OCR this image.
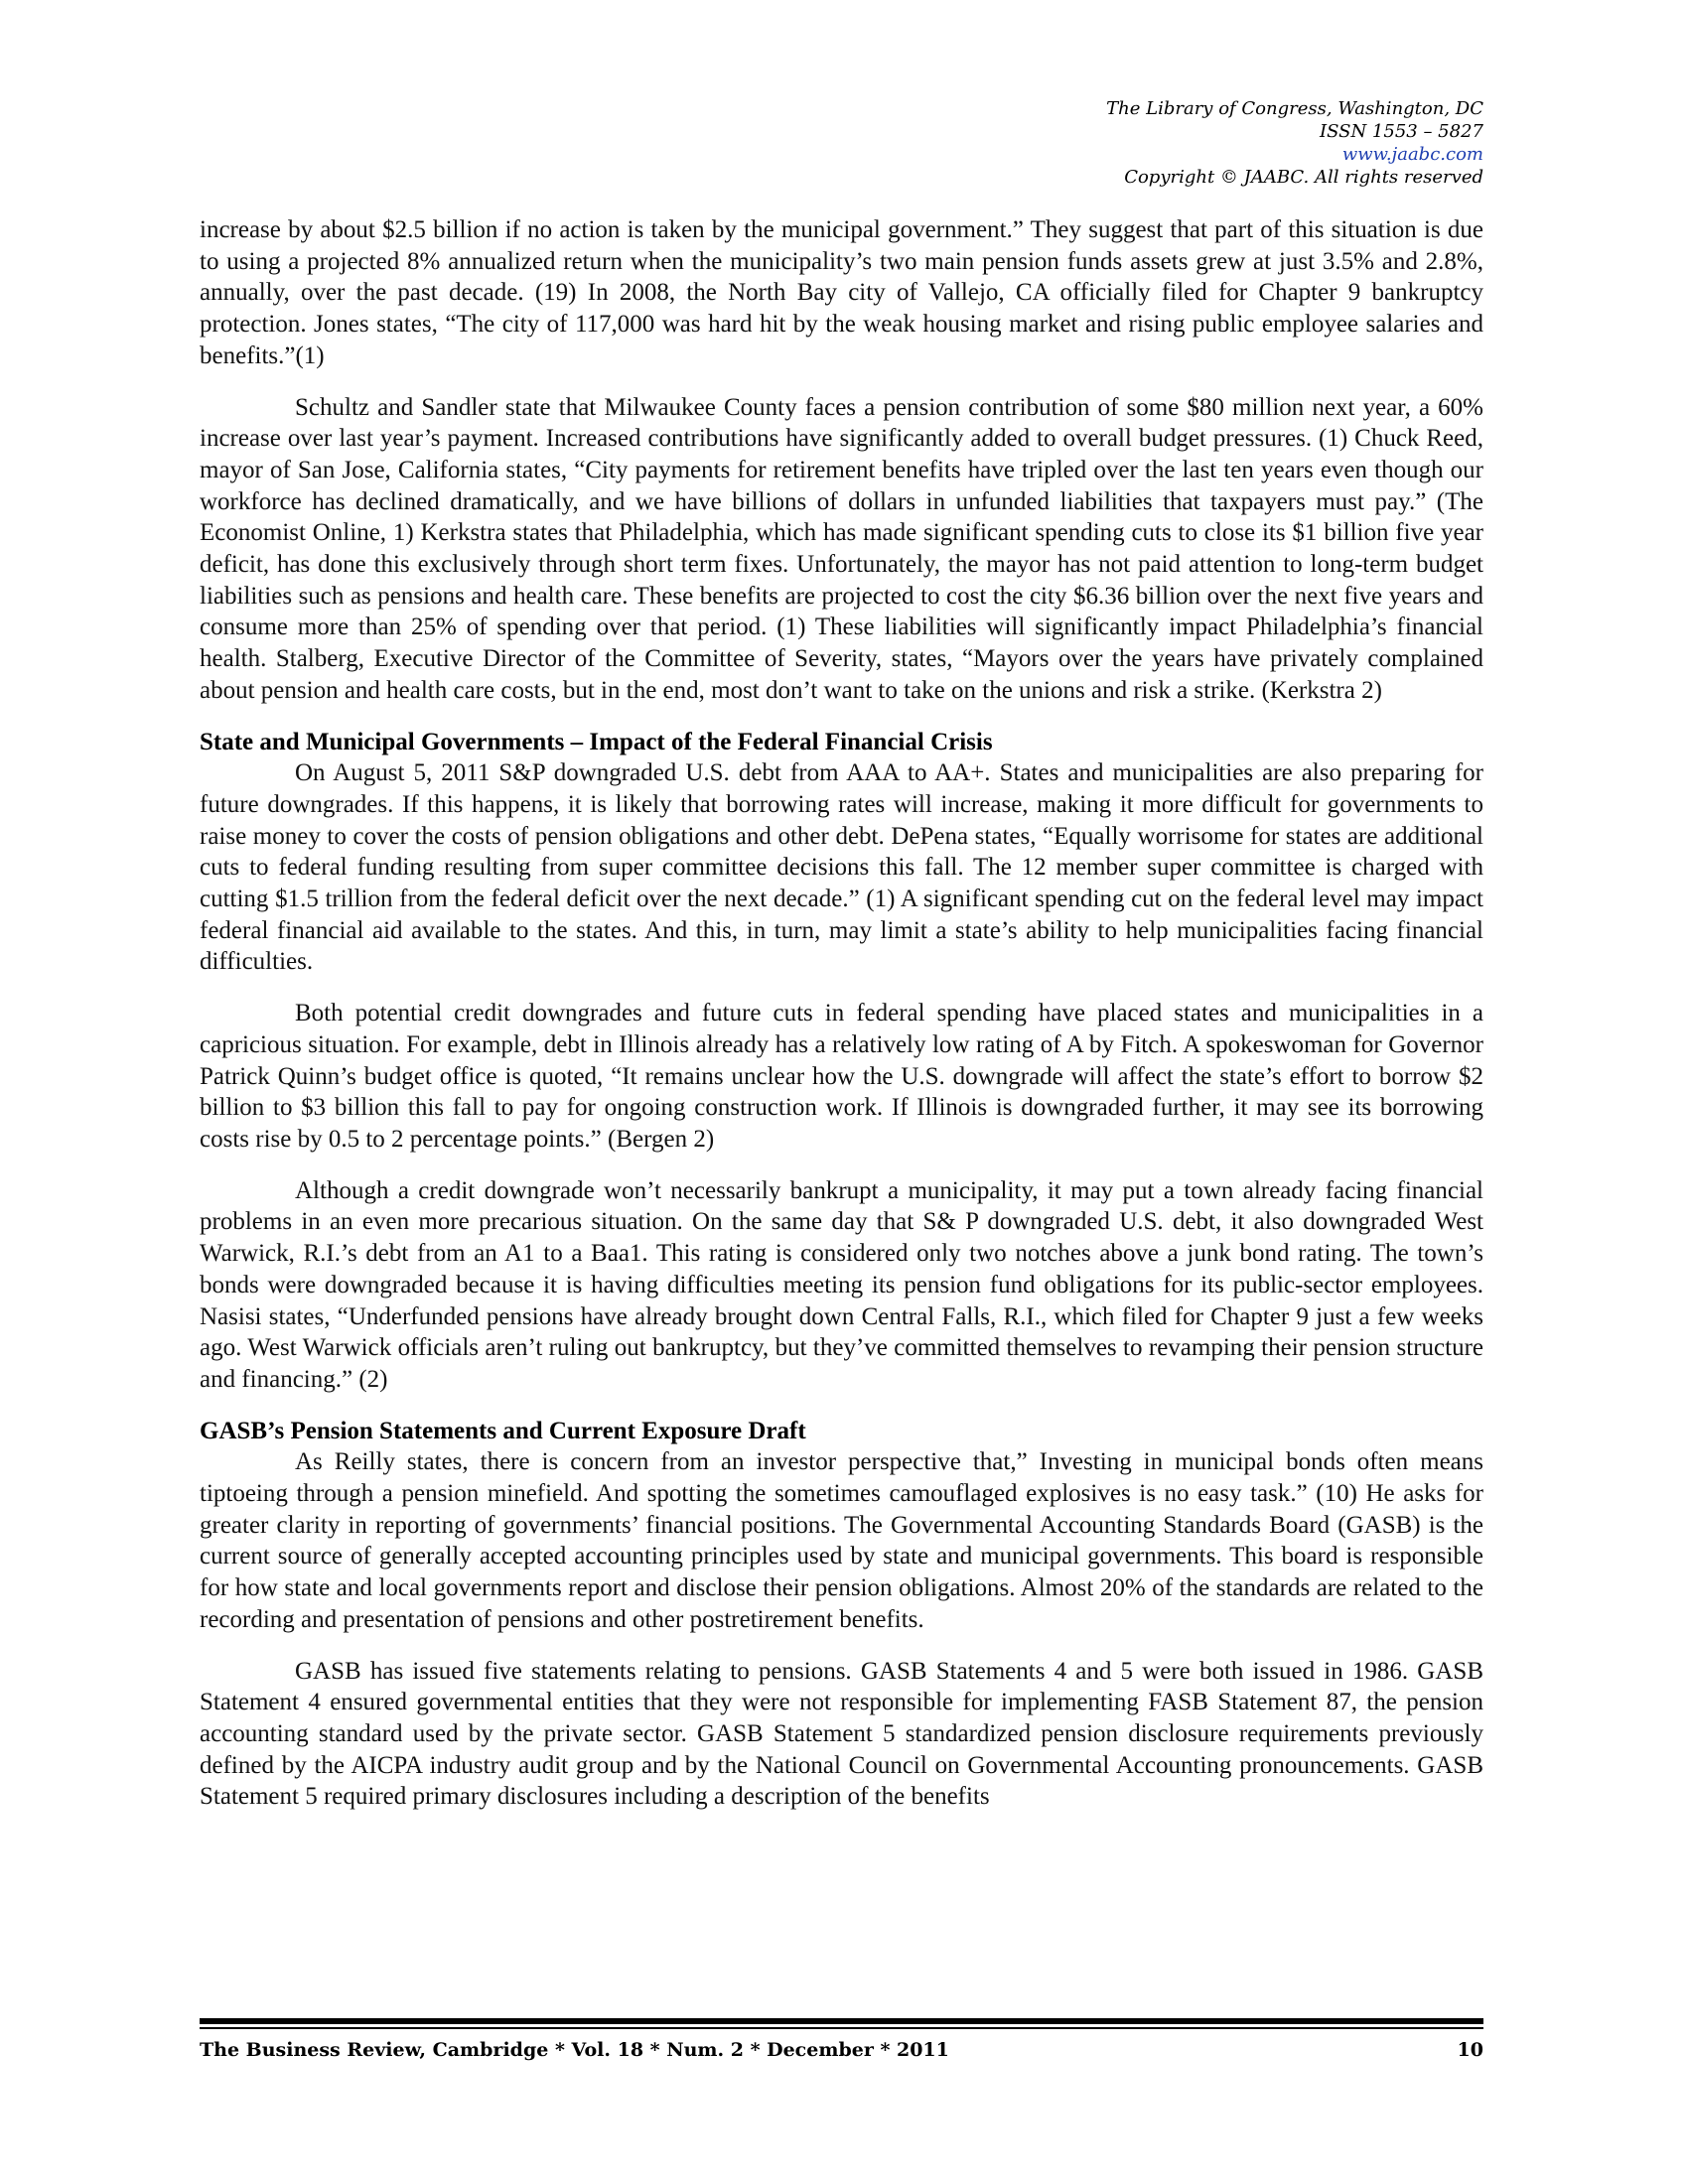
The Library of Congress, Washington, DC
ISSN 1553 – 5827
www.jaabc.com
Copyright © JAABC. All rights reserved

increase by about $2.5 billion if no action is taken by the municipal government.” They suggest that part of this situation is due to using a projected 8% annualized return when the municipality’s two main pension funds assets grew at just 3.5% and 2.8%, annually, over the past decade. (19) In 2008, the North Bay city of Vallejo, CA officially filed for Chapter 9 bankruptcy protection. Jones states, “The city of 117,000 was hard hit by the weak housing market and rising public employee salaries and benefits.”(1)

Schultz and Sandler state that Milwaukee County faces a pension contribution of some $80 million next year, a 60% increase over last year’s payment. Increased contributions have significantly added to overall budget pressures. (1) Chuck Reed, mayor of San Jose, California states, “City payments for retirement benefits have tripled over the last ten years even though our workforce has declined dramatically, and we have billions of dollars in unfunded liabilities that taxpayers must pay.” (The Economist Online, 1) Kerkstra states that Philadelphia, which has made significant spending cuts to close its $1 billion five year deficit, has done this exclusively through short term fixes. Unfortunately, the mayor has not paid attention to long-term budget liabilities such as pensions and health care. These benefits are projected to cost the city $6.36 billion over the next five years and consume more than 25% of spending over that period. (1) These liabilities will significantly impact Philadelphia’s financial health. Stalberg, Executive Director of the Committee of Severity, states, “Mayors over the years have privately complained about pension and health care costs, but in the end, most don’t want to take on the unions and risk a strike. (Kerkstra 2)

State and Municipal Governments – Impact of the Federal Financial Crisis

On August 5, 2011 S&P downgraded U.S. debt from AAA to AA+. States and municipalities are also preparing for future downgrades. If this happens, it is likely that borrowing rates will increase, making it more difficult for governments to raise money to cover the costs of pension obligations and other debt. DePena states, “Equally worrisome for states are additional cuts to federal funding resulting from super committee decisions this fall. The 12 member super committee is charged with cutting $1.5 trillion from the federal deficit over the next decade.” (1) A significant spending cut on the federal level may impact federal financial aid available to the states. And this, in turn, may limit a state’s ability to help municipalities facing financial difficulties.

Both potential credit downgrades and future cuts in federal spending have placed states and municipalities in a capricious situation. For example, debt in Illinois already has a relatively low rating of A by Fitch. A spokeswoman for Governor Patrick Quinn’s budget office is quoted, “It remains unclear how the U.S. downgrade will affect the state’s effort to borrow $2 billion to $3 billion this fall to pay for ongoing construction work. If Illinois is downgraded further, it may see its borrowing costs rise by 0.5 to 2 percentage points.” (Bergen 2)

Although a credit downgrade won’t necessarily bankrupt a municipality, it may put a town already facing financial problems in an even more precarious situation. On the same day that S& P downgraded U.S. debt, it also downgraded West Warwick, R.I.’s debt from an A1 to a Baa1. This rating is considered only two notches above a junk bond rating. The town’s bonds were downgraded because it is having difficulties meeting its pension fund obligations for its public-sector employees. Nasisi states, “Underfunded pensions have already brought down Central Falls, R.I., which filed for Chapter 9 just a few weeks ago. West Warwick officials aren’t ruling out bankruptcy, but they’ve committed themselves to revamping their pension structure and financing.” (2)

GASB’s Pension Statements and Current Exposure Draft

As Reilly states, there is concern from an investor perspective that,” Investing in municipal bonds often means tiptoeing through a pension minefield. And spotting the sometimes camouflaged explosives is no easy task.” (10) He asks for greater clarity in reporting of governments’ financial positions. The Governmental Accounting Standards Board (GASB) is the current source of generally accepted accounting principles used by state and municipal governments. This board is responsible for how state and local governments report and disclose their pension obligations. Almost 20% of the standards are related to the recording and presentation of pensions and other postretirement benefits.

GASB has issued five statements relating to pensions. GASB Statements 4 and 5 were both issued in 1986. GASB Statement 4 ensured governmental entities that they were not responsible for implementing FASB Statement 87, the pension accounting standard used by the private sector. GASB Statement 5 standardized pension disclosure requirements previously defined by the AICPA industry audit group and by the National Council on Governmental Accounting pronouncements. GASB Statement 5 required primary disclosures including a description of the benefits

The Business Review, Cambridge * Vol. 18 * Num. 2 * December * 2011	10
